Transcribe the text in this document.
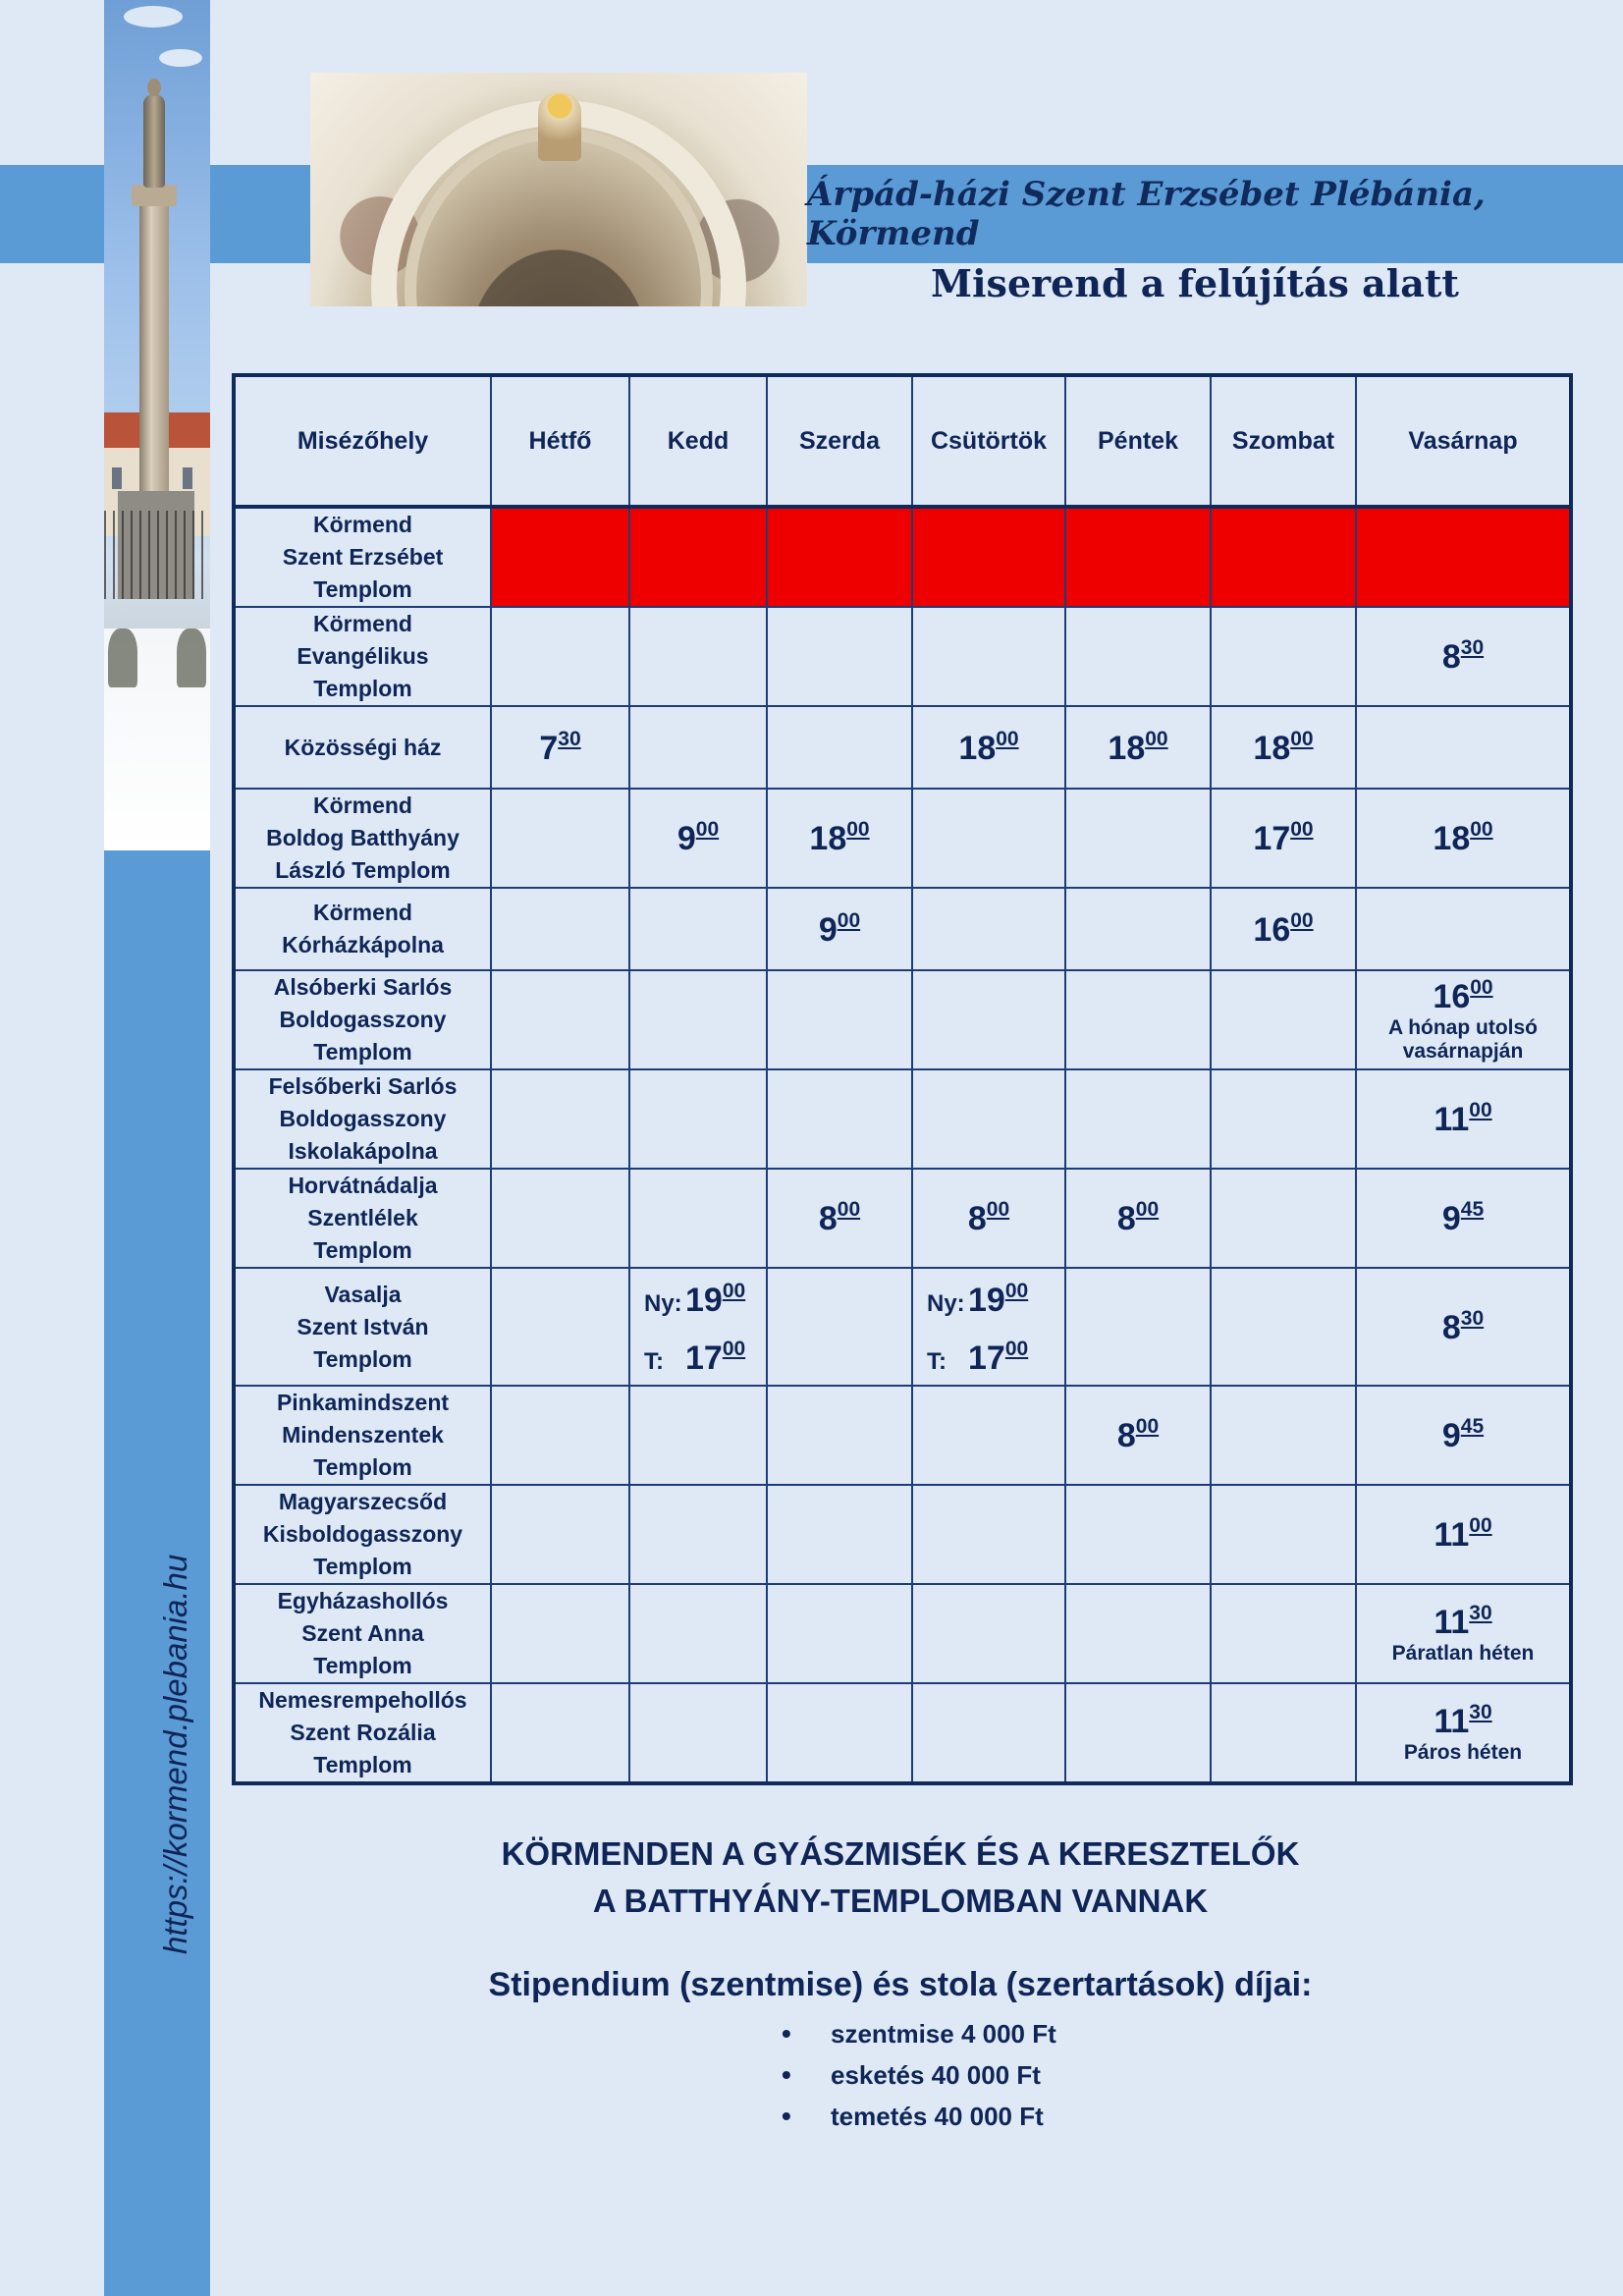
Árpád-házi Szent Erzsébet Plébánia, Körmend
Miserend a felújítás alatt
Misézőhely	Hétfő	Kedd	Szerda	Csütörtök	Péntek	Szombat	Vasárnap

Körmend
Szent Erzsébet
Templom							

Körmend
Evangélikus
Templom							$8^{30}$

Közösségi ház	$7^{30}$			$18^{00}$	$18^{00}$	$18^{00}$	

Körmend
Boldog Batthyány
László Templom		$9^{00}$	$18^{00}$			$17^{00}$	$18^{00}$

Körmend
Kórházkápolna			$9^{00}$			$16^{00}$	

Alsóberki Sarlós
Boldogasszony
Templom							$16^{00}$
A hónap utolsó vasárnapján

Felsőberki Sarlós
Boldogasszony
Iskolakápolna							$11^{00}$

Horvátnádalja
Szentlélek
Templom			$8^{00}$	$8^{00}$	$8^{00}$		$9^{45}$

Vasalja
Szent István
Templom		$Ny:19^{00}$
T: $17^{00}$		$Ny:19^{00}$
T: $17^{00}$			$8^{30}$

Pinkamindszent
Mindenszentek
Templom					$8^{00}$		$9^{45}$

Magyarszecsőd
Kisboldogasszony
Templom							$11^{00}$

Egyházashollós
Szent Anna
Templom							$11^{30}$
Páratlan héten

Nemesrempehollós
Szent Rozália
Templom							$11^{30}$
Páros héten
KÖRMENDEN A GYÁSZMISÉK ÉS A KERESZTELŐK
A BATTHYÁNY-TEMPLOMBAN VANNAK
Stipendium (szentmise) és stola (szertartások) díjai:
• szentmise 4 000 Ft
• esketés 40 000 Ft
• temetés 40 000 Ft
https://kormend.plebania.hu
